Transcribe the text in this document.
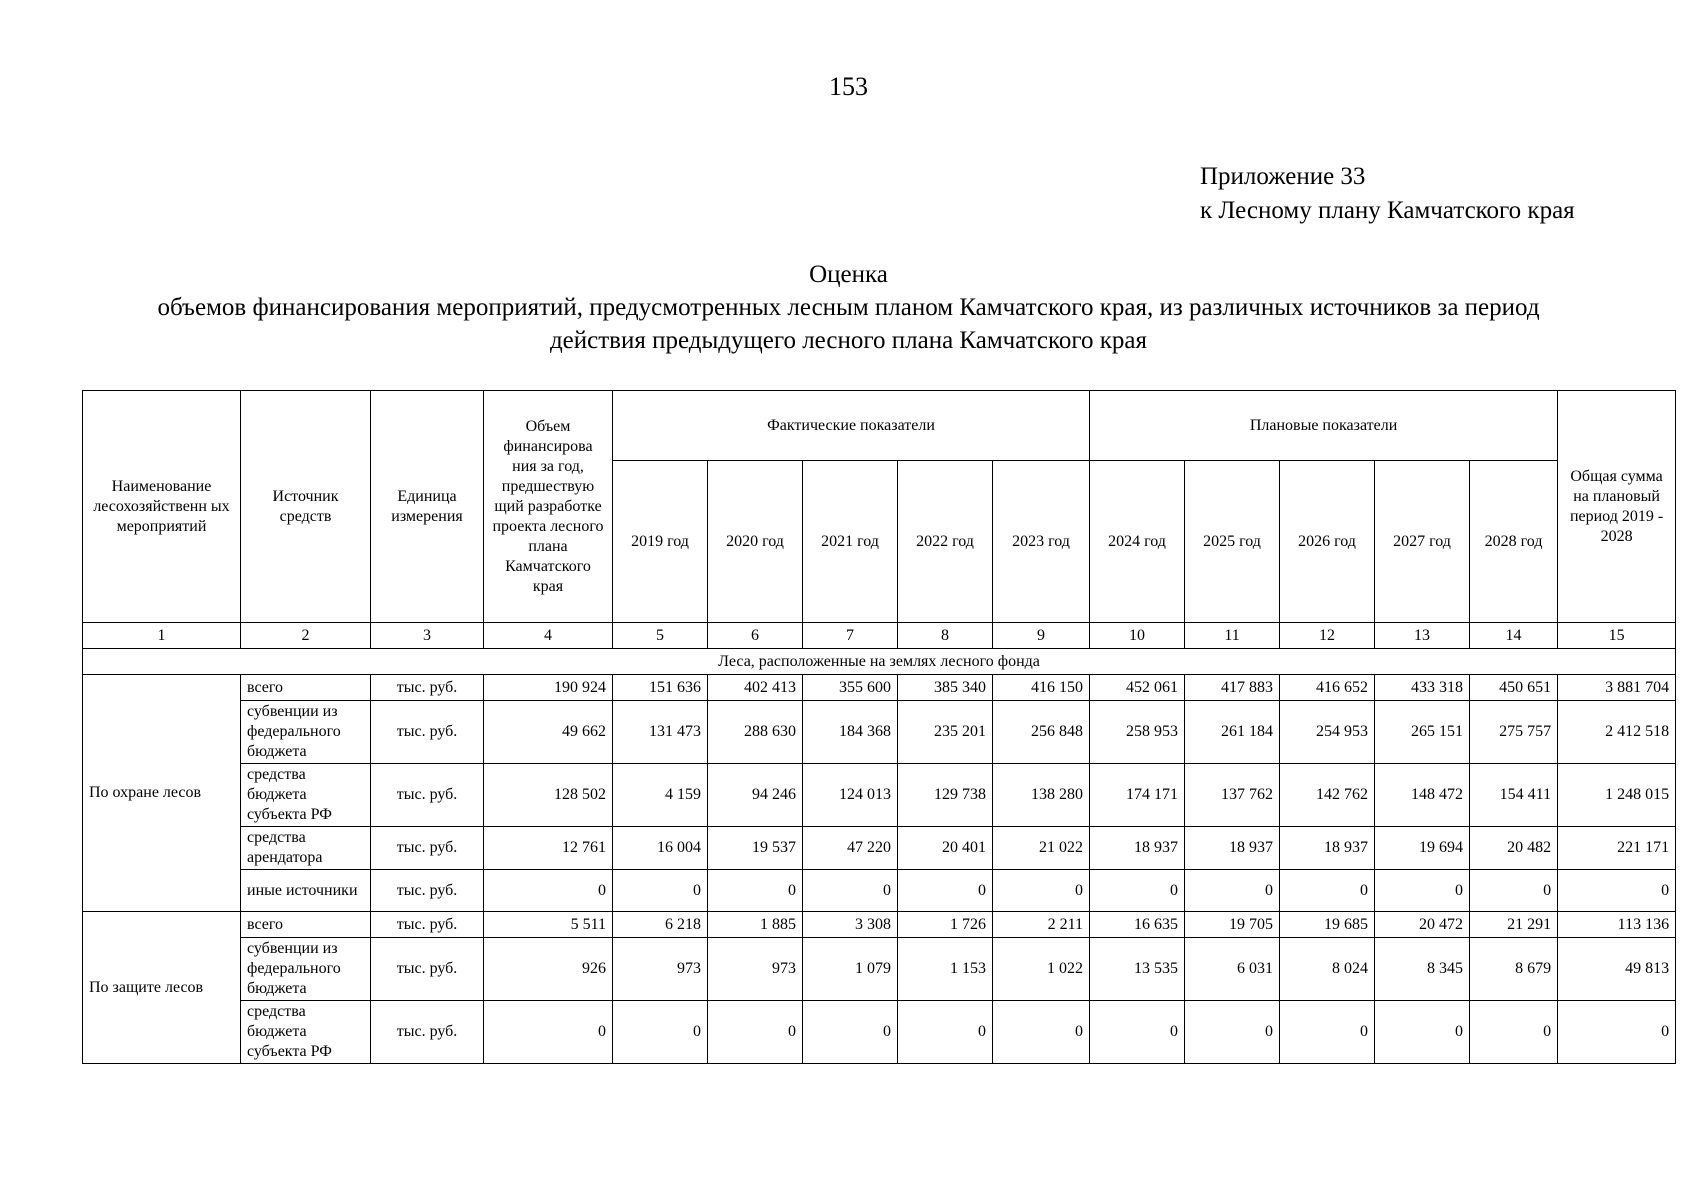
153
Приложение 33
к Лесному плану Камчатского края
Оценка
объемов финансирования мероприятий, предусмотренных лесным планом Камчатского края, из различных источников за период
действия предыдущего лесного плана Камчатского края
Наименование лесохозяйственн ых мероприятий	Источник средств	Единица измерения	Объем финансирова ния за год, предшествую щий разработке проекта лесного плана Камчатского края	Фактические показатели					Плановые показатели					Общая сумма на плановый период 2019 - 2028
				2019 год	2020 год	2021 год	2022 год	2023 год	2024 год	2025 год	2026 год	2027 год	2028 год	
1	2	3	4	5	6	7	8	9	10	11	12	13	14	15
Леса, расположенные на землях лесного фонда														
По охране лесов	всего	тыс. руб.	190 924	151 636	402 413	355 600	385 340	416 150	452 061	417 883	416 652	433 318	450 651	3 881 704
	субвенции из федерального бюджета	тыс. руб.	49 662	131 473	288 630	184 368	235 201	256 848	258 953	261 184	254 953	265 151	275 757	2 412 518
	средства бюджета субъекта РФ	тыс. руб.	128 502	4 159	94 246	124 013	129 738	138 280	174 171	137 762	142 762	148 472	154 411	1 248 015
	средства арендатора	тыс. руб.	12 761	16 004	19 537	47 220	20 401	21 022	18 937	18 937	18 937	19 694	20 482	221 171
	иные источники	тыс. руб.	0	0	0	0	0	0	0	0	0	0	0	0
По защите лесов	всего	тыс. руб.	5 511	6 218	1 885	3 308	1 726	2 211	16 635	19 705	19 685	20 472	21 291	113 136
	субвенции из федерального бюджета	тыс. руб.	926	973	973	1 079	1 153	1 022	13 535	6 031	8 024	8 345	8 679	49 813
	средства бюджета субъекта РФ	тыс. руб.	0	0	0	0	0	0	0	0	0	0	0	0
